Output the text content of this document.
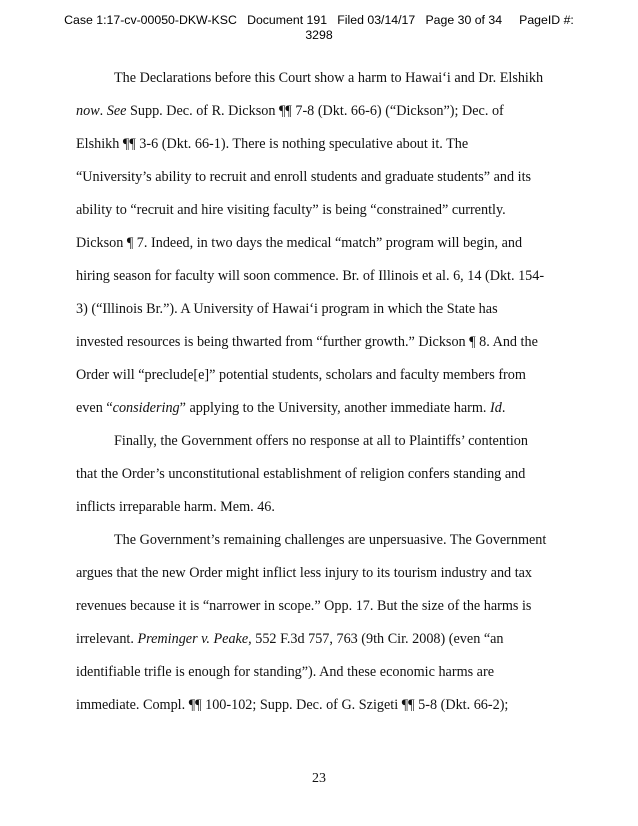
Case 1:17-cv-00050-DKW-KSC   Document 191   Filed 03/14/17   Page 30 of 34     PageID #:
3298
The Declarations before this Court show a harm to Hawai‘i and Dr. Elshikh
now. See Supp. Dec. of R. Dickson ¶¶ 7-8 (Dkt. 66-6) (“Dickson”); Dec. of
Elshikh ¶¶ 3-6 (Dkt. 66-1). There is nothing speculative about it. The
“University’s ability to recruit and enroll students and graduate students” and its
ability to “recruit and hire visiting faculty” is being “constrained” currently.
Dickson ¶ 7. Indeed, in two days the medical “match” program will begin, and
hiring season for faculty will soon commence. Br. of Illinois et al. 6, 14 (Dkt. 154-
3) (“Illinois Br.”). A University of Hawai‘i program in which the State has
invested resources is being thwarted from “further growth.” Dickson ¶ 8. And the
Order will “preclude[e]” potential students, scholars and faculty members from
even “considering” applying to the University, another immediate harm. Id.
Finally, the Government offers no response at all to Plaintiffs’ contention
that the Order’s unconstitutional establishment of religion confers standing and
inflicts irreparable harm. Mem. 46.
The Government’s remaining challenges are unpersuasive. The Government
argues that the new Order might inflict less injury to its tourism industry and tax
revenues because it is “narrower in scope.” Opp. 17. But the size of the harms is
irrelevant. Preminger v. Peake, 552 F.3d 757, 763 (9th Cir. 2008) (even “an
identifiable trifle is enough for standing”). And these economic harms are
immediate. Compl. ¶¶ 100-102; Supp. Dec. of G. Szigeti ¶¶ 5-8 (Dkt. 66-2);
23
